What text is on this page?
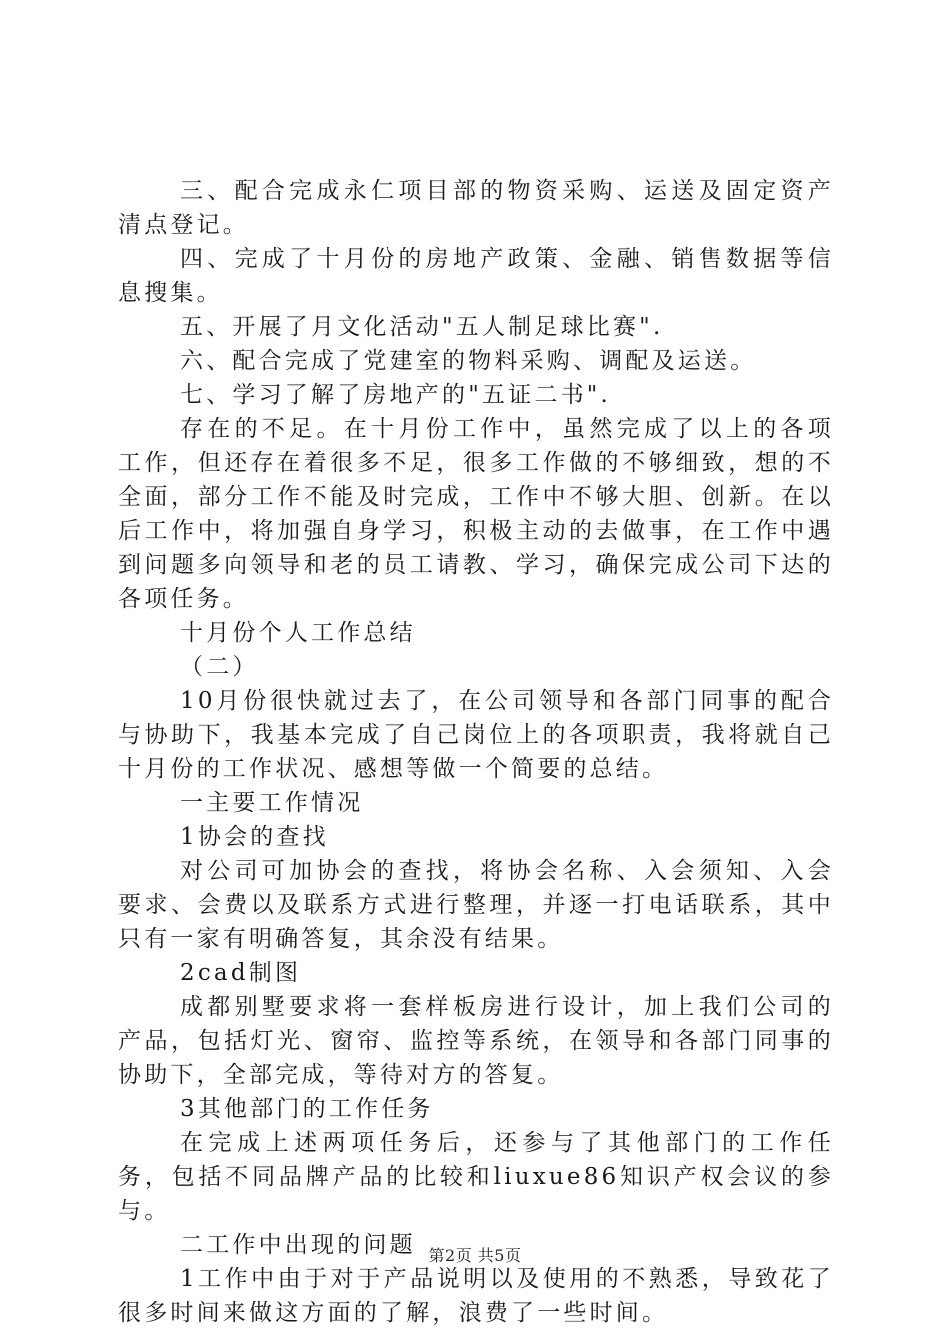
三、配合完成永仁项目部的物资采购、运送及固定资产清点登记。

四、完成了十月份的房地产政策、金融、销售数据等信息搜集。

五、开展了月文化活动"五人制足球比赛".

六、配合完成了党建室的物料采购、调配及运送。

七、学习了解了房地产的"五证二书".

存在的不足。在十月份工作中，虽然完成了以上的各项工作，但还存在着很多不足，很多工作做的不够细致，想的不全面，部分工作不能及时完成，工作中不够大胆、创新。在以后工作中，将加强自身学习，积极主动的去做事，在工作中遇到问题多向领导和老的员工请教、学习，确保完成公司下达的各项任务。

十月份个人工作总结

（二）

10月份很快就过去了，在公司领导和各部门同事的配合与协助下，我基本完成了自己岗位上的各项职责，我将就自己十月份的工作状况、感想等做一个简要的总结。

一主要工作情况

1协会的查找

对公司可加协会的查找，将协会名称、入会须知、入会要求、会费以及联系方式进行整理，并逐一打电话联系，其中只有一家有明确答复，其余没有结果。

2cad制图

成都别墅要求将一套样板房进行设计，加上我们公司的产品，包括灯光、窗帘、监控等系统，在领导和各部门同事的协助下，全部完成，等待对方的答复。

3其他部门的工作任务

在完成上述两项任务后，还参与了其他部门的工作任务，包括不同品牌产品的比较和liuxue86知识产权会议的参与。

二工作中出现的问题

1工作中由于对于产品说明以及使用的不熟悉，导致花了很多时间来做这方面的了解，浪费了一些时间。

第2页 共5页
